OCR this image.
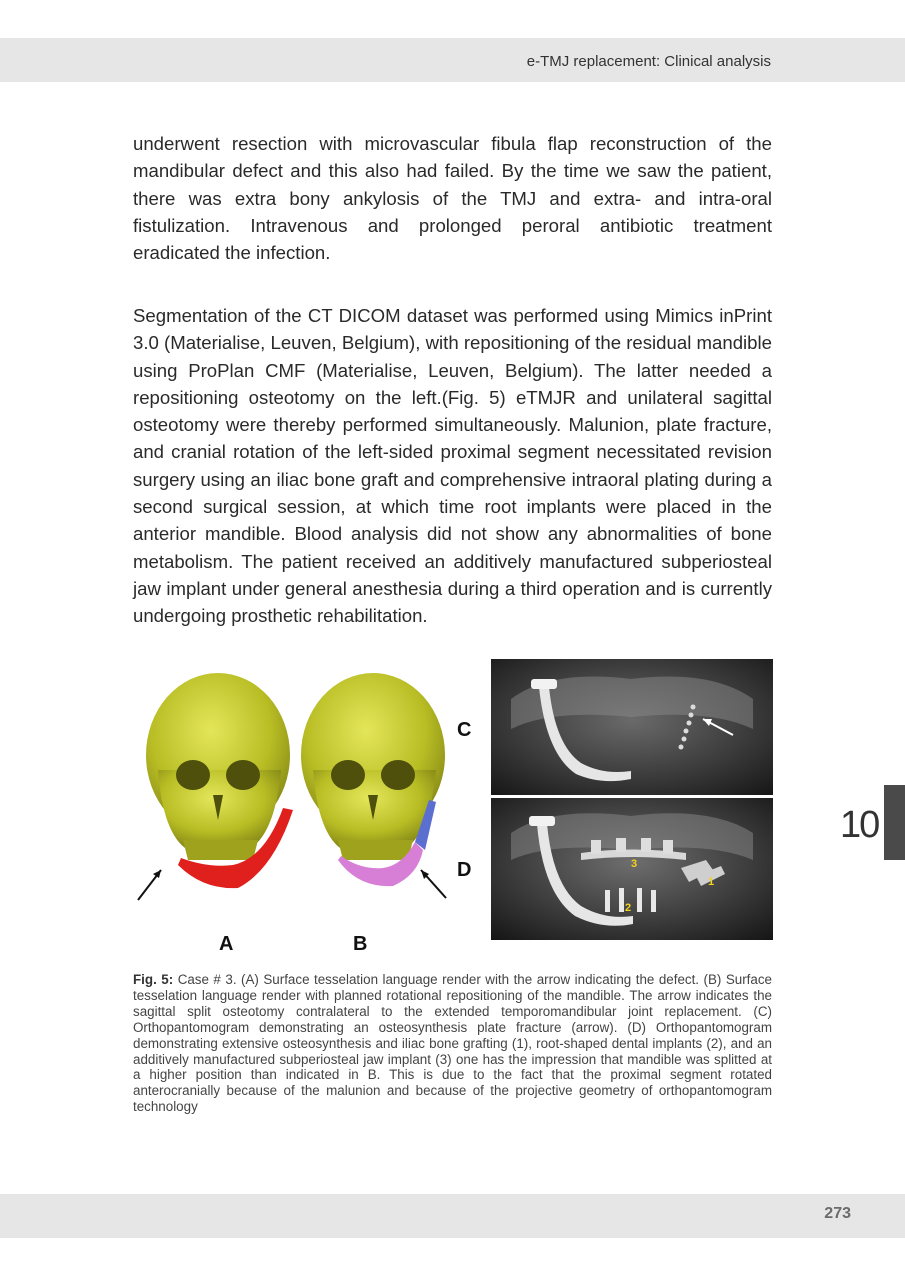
e-TMJ replacement: Clinical analysis

underwent resection with microvascular fibula flap reconstruction of the mandibular defect and this also had failed. By the time we saw the patient, there was extra bony ankylosis of the TMJ and extra- and intra-oral fistulization. Intravenous and prolonged peroral antibiotic treatment eradicated the infection.

Segmentation of the CT DICOM dataset was performed using Mimics inPrint 3.0 (Materialise, Leuven, Belgium), with repositioning of the residual mandible using ProPlan CMF (Materialise, Leuven, Belgium). The latter needed a repositioning osteotomy on the left.(Fig. 5) eTMJR and unilateral sagittal osteotomy were thereby performed simultaneously. Malunion, plate fracture, and cranial rotation of the left-sided proximal segment necessitated revision surgery using an iliac bone graft and comprehensive intraoral plating during a second surgical session, at which time root implants were placed in the anterior mandible. Blood analysis did not show any abnormalities of bone metabolism. The patient received an additively manufactured subperiosteal jaw implant under general anesthesia during a third operation and is currently undergoing prosthetic rehabilitation.

A	B
C
D
1
2
3

Fig. 5: Case # 3. (A) Surface tesselation language render with the arrow indicating the defect. (B) Surface tesselation language render with planned rotational repositioning of the mandible. The arrow indicates the sagittal split osteotomy contralateral to the extended temporomandibular joint replacement. (C) Orthopantomogram demonstrating an osteosynthesis plate fracture (arrow). (D) Orthopantomogram demonstrating extensive osteosynthesis and iliac bone grafting (1), root-shaped dental implants (2), and an additively manufactured subperiosteal jaw implant (3) one has the impression that mandible was splitted at a higher position than indicated in B. This is due to the fact that the proximal segment rotated anterocranially because of the malunion and because of the projective geometry of orthopantomogram technology

10
273
